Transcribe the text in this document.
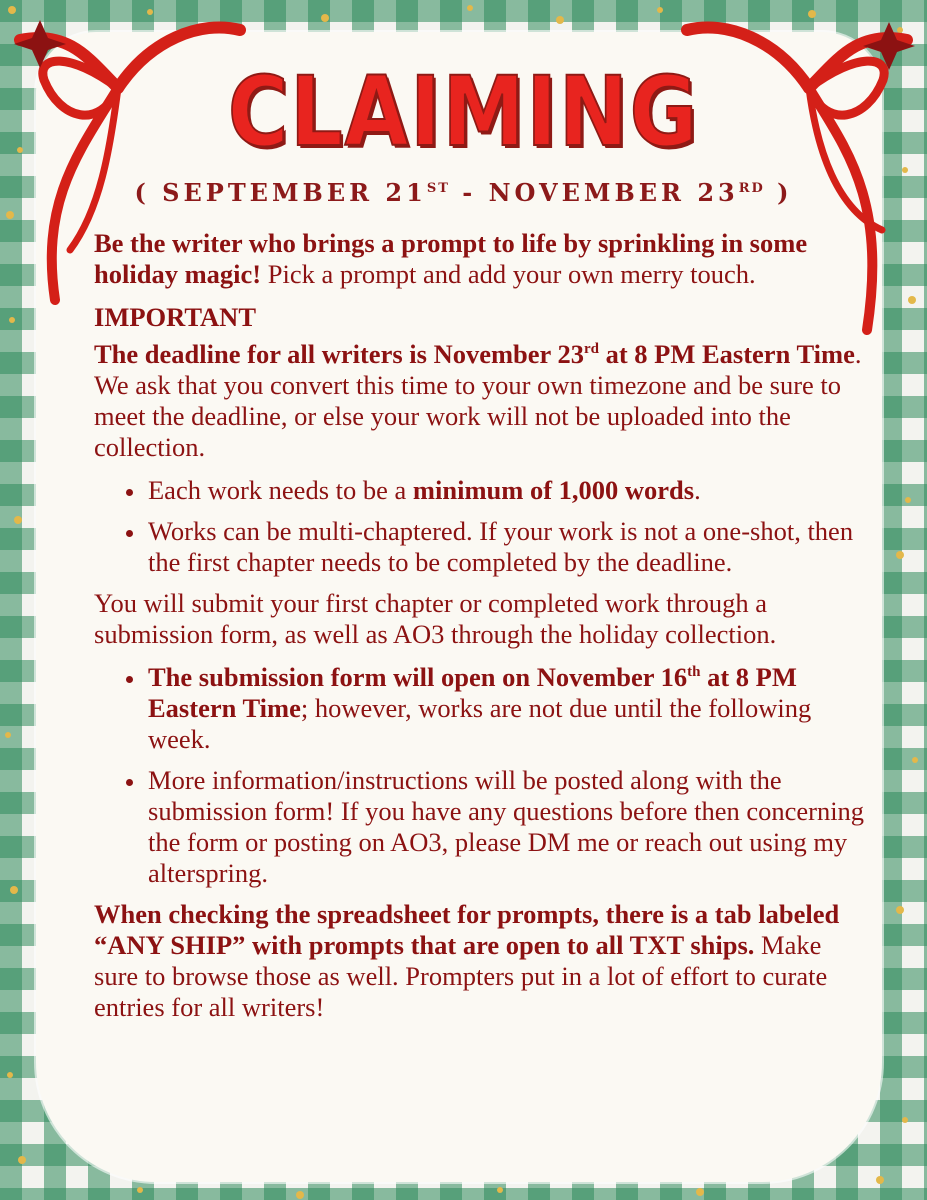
CLAIMING
( SEPTEMBER 21ST - NOVEMBER 23RD )

Be the writer who brings a prompt to life by sprinkling in some holiday magic! Pick a prompt and add your own merry touch.

IMPORTANT

The deadline for all writers is November 23rd at 8 PM Eastern Time. We ask that you convert this time to your own timezone and be sure to meet the deadline, or else your work will not be uploaded into the collection.

• Each work needs to be a minimum of 1,000 words.
• Works can be multi-chaptered. If your work is not a one-shot, then the first chapter needs to be completed by the deadline.

You will submit your first chapter or completed work through a submission form, as well as AO3 through the holiday collection.

• The submission form will open on November 16th at 8 PM Eastern Time; however, works are not due until the following week.
• More information/instructions will be posted along with the submission form! If you have any questions before then concerning the form or posting on AO3, please DM me or reach out using my alterspring.

When checking the spreadsheet for prompts, there is a tab labeled “ANY SHIP” with prompts that are open to all TXT ships. Make sure to browse those as well. Prompters put in a lot of effort to curate entries for all writers!
